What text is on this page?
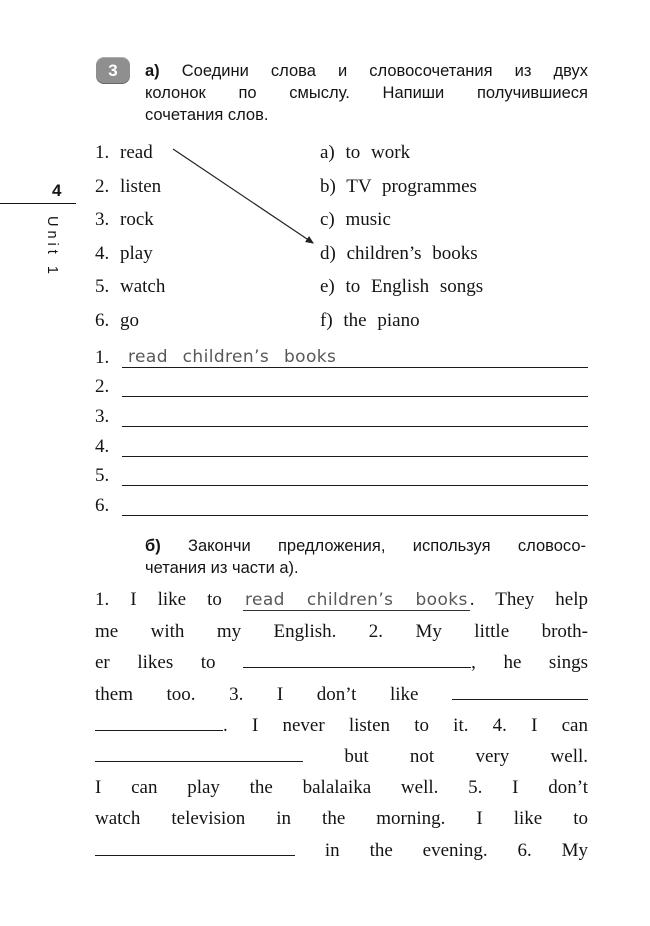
4
Unit 1
3	а) Соедини слова и словосочетания из двух
колонок по смыслу. Напиши получившиеся
сочетания слов.
1. read	a) to work
2. listen	b) TV programmes
3. rock	c) music
4. play	d) children’s books
5. watch	e) to English songs
6. go	f) the piano
1.	read children’s books
2.
3.
4.
5.
6.
б) Закончи предложения, используя словосо-
четания из части а).
1. I like to read children’s books . They help
me with my English. 2. My little broth-
er likes to	, he sings
them too. 3. I don’t like
. I never listen to it. 4. I can
but not very well.
I can play the balalaika well. 5. I don’t
watch television in the morning. I like to
in the evening. 6. My
